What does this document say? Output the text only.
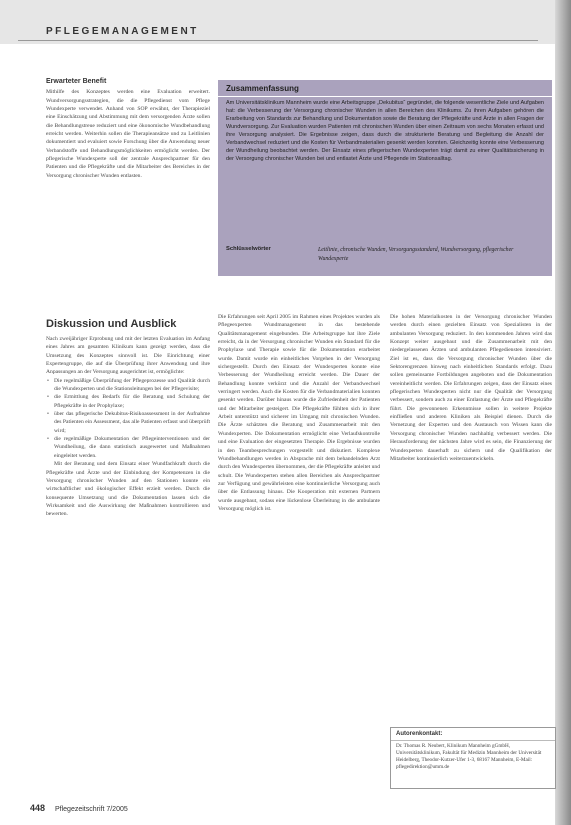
PFLEGEMANAGEMENT
Erwarteter Benefit

Mithilfe des Konzeptes werden eine Evaluation erweitert. Wundversorgungsstrategien, die die Pflegedienst vom Pflege Wundexperte verwendet. Anhand von SOP erwähnt, der Therapieziel eine Einschätzung und Abstimmung mit dem versorgenden Ärzte sollen die Behandlungstreue reduziert und eine ökonomische Wundbehandlung erreicht werden. Weiterhin sollen die Therapieansätze und zu Leitlinien dokumentiert und evaluiert sowie Forschung über die Anwendung neuer Verbandstoffe und Behandlungsmöglichkeiten ermöglicht werden. Der pflegerische Wundexperte soll der zentrale Ansprechpartner für den Patienten und die Pflegekräfte und die Mitarbeiter des Bereiches in der Versorgung chronischer Wunden entlasten.

Zusammenfassung
Am Universitätsklinikum Mannheim wurde eine Arbeitsgruppe „Dekubitus“ gegründet, die folgende wesentliche Ziele und Aufgaben hat: die Verbesserung der Versorgung chronischer Wunden in allen Bereichen des Klinikums. Zu ihren Aufgaben gehören die Erarbeitung von Standards zur Behandlung und Dokumentation sowie die Beratung der Pflegekräfte und Ärzte in allen Fragen der Wundversorgung. Zur Evaluation wurden Patienten mit chronischen Wunden über einen Zeitraum von sechs Monaten erfasst und ihre Versorgung analysiert. Die Ergebnisse zeigen, dass durch die strukturierte Beratung und Begleitung die Anzahl der Verbandwechsel reduziert und die Kosten für Verbandmaterialien gesenkt werden konnten. Gleichzeitig konnte eine Verbesserung der Wundheilung beobachtet werden. Der Einsatz eines pflegerischen Wundexperten trägt damit zu einer Qualitätssicherung in der Versorgung chronischer Wunden bei und entlastet Ärzte und Pflegende im Stationsalltag.
Schlüsselwörter	Leitlinie, chronische Wunden, Versorgungsstandard, Wundversorgung, pflegerischer Wundexperte
Diskussion und Ausblick

Nach zweijähriger Erprobung und mit der letzten Evaluation im Anfang eines Jahres am gesamten Klinikum kann gezeigt werden, dass die Umsetzung des Konzeptes sinnvoll ist. Die Einrichtung einer Expertengruppe, die auf die Überprüfung ihrer Anwendung und ihre Anpassungen an der Versorgung ausgerichtet ist, ermöglichte:

• Die regelmäßige Überprüfung der Pflegeprozesse und Qualität durch die Wundexperten und die Stationsleitungen bei der Pflegevisite;
• die Ermittlung des Bedarfs für die Beratung und Schulung der Pflegekräfte in der Prophylaxe;
• über das pflegerische Dekubitus-Risikoassessment in der Aufnahme des Patienten ein Assessment, das alle Patienten erfasst und überprüft wird;
• die regelmäßige Dokumentation der Pflegeinterventionen und der Wundheilung, die dann statistisch ausgewertet und Maßnahmen eingeleitet werden.

Mit der Beratung und dem Einsatz einer Wundfachkraft durch die Pflegekräfte und Ärzte und der Einbindung der Kompetenzen in die Versorgung chronischer Wunden auf den Stationen konnte ein wirtschaftlicher und ökologischer Effekt erzielt werden. Durch die konsequente Umsetzung und die Dokumentation lassen sich die Wirksamkeit und die Auswirkung der Maßnahmen kontrollieren und bewerten.

Die Erfahrungen seit April 2005 im Rahmen eines Projektes wurden als Pflegeexperten Wundmanagement in das bestehende Qualitätsmanagement eingebunden. Die Arbeitsgruppe hat ihre Ziele erreicht, da in der Versorgung chronischer Wunden ein Standard für die Prophylaxe und Therapie sowie für die Dokumentation erarbeitet wurde. Damit wurde ein einheitliches Vorgehen in der Versorgung sichergestellt. Durch den Einsatz der Wundexperten konnte eine Verbesserung der Wundheilung erreicht werden. Die Dauer der Behandlung konnte verkürzt und die Anzahl der Verbandwechsel verringert werden. Auch die Kosten für die Verbandmaterialien konnten gesenkt werden. Darüber hinaus wurde die Zufriedenheit der Patienten und der Mitarbeiter gesteigert. Die Pflegekräfte fühlten sich in ihrer Arbeit unterstützt und sicherer im Umgang mit chronischen Wunden. Die Ärzte schätzten die Beratung und Zusammenarbeit mit den Wundexperten. Die Dokumentation ermöglicht eine Verlaufskontrolle und eine Evaluation der eingesetzten Therapie. Die Ergebnisse wurden in den Teambesprechungen vorgestellt und diskutiert. Komplexe Wundbehandlungen werden in Absprache mit dem behandelnden Arzt durch den Wundexperten übernommen, der die Pflegekräfte anleitet und schult. Die Wundexperten stehen allen Bereichen als Ansprechpartner zur Verfügung und gewährleisten eine kontinuierliche Versorgung auch über die Entlassung hinaus. Die Kooperation mit externen Partnern wurde ausgebaut, sodass eine lückenlose Überleitung in die ambulante Versorgung möglich ist.

Die hohen Materialkosten in der Versorgung chronischer Wunden werden durch einen gezielten Einsatz von Spezialisten in der ambulanten Versorgung reduziert. In den kommenden Jahren wird das Konzept weiter ausgebaut und die Zusammenarbeit mit den niedergelassenen Ärzten und ambulanten Pflegediensten intensiviert. Ziel ist es, dass die Versorgung chronischer Wunden über die Sektorengrenzen hinweg nach einheitlichen Standards erfolgt. Dazu sollen gemeinsame Fortbildungen angeboten und die Dokumentation vereinheitlicht werden. Die Erfahrungen zeigen, dass der Einsatz eines pflegerischen Wundexperten nicht nur die Qualität der Versorgung verbessert, sondern auch zu einer Entlastung der Ärzte und Pflegekräfte führt. Die gewonnenen Erkenntnisse sollen in weitere Projekte einfließen und anderen Kliniken als Beispiel dienen. Durch die Vernetzung der Experten und den Austausch von Wissen kann die Versorgung chronischer Wunden nachhaltig verbessert werden. Die Herausforderung der nächsten Jahre wird es sein, die Finanzierung der Wundexperten dauerhaft zu sichern und die Qualifikation der Mitarbeiter kontinuierlich weiterzuentwickeln.

Autorenkontakt:
Dr. Thomas R. Neubert, Klinikum Mannheim gGmbH, Universitätsklinikum, Fakultät für Medizin Mannheim der Universität Heidelberg, Theodor-Kutzer-Ufer 1-3, 68167 Mannheim, E-Mail: pflegedirektion@umm.de
448 Pflegezeitschrift 7/2005
